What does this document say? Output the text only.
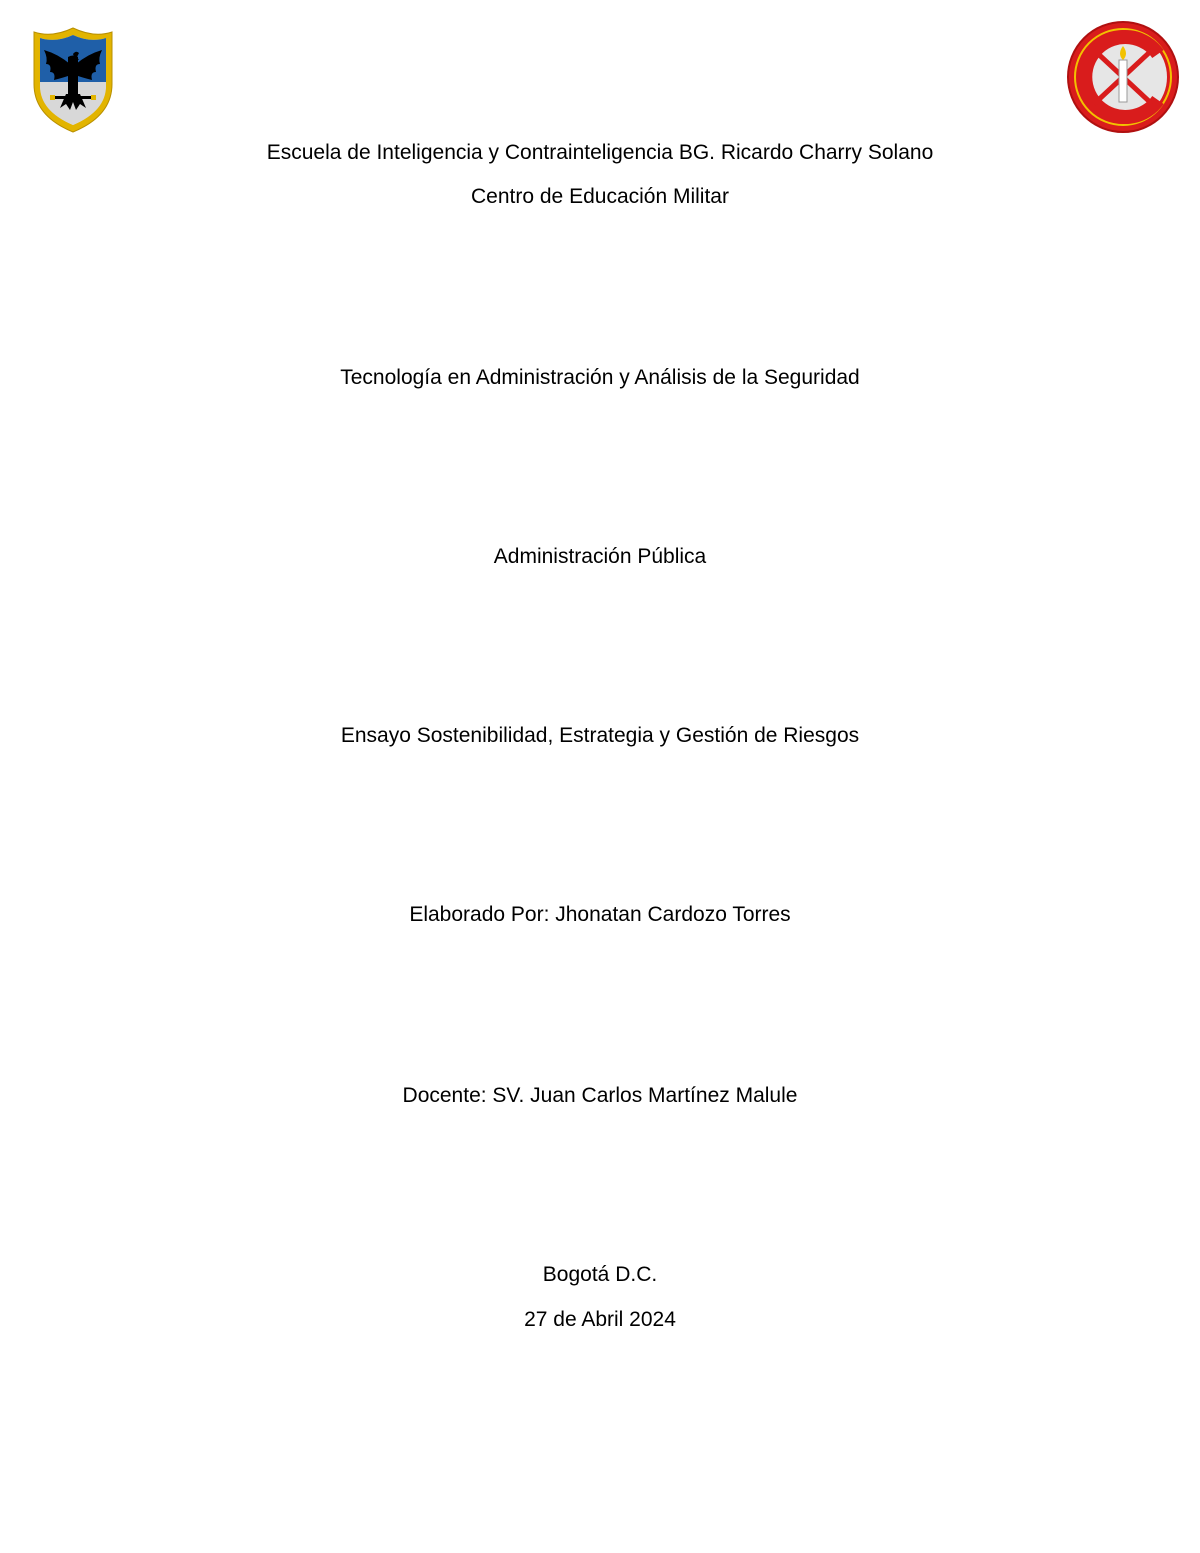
Escuela de Inteligencia y Contrainteligencia BG. Ricardo Charry Solano
Centro de Educación Militar
Tecnología en Administración y Análisis de la Seguridad
Administración Pública
Ensayo Sostenibilidad, Estrategia y Gestión de Riesgos
Elaborado Por: Jhonatan Cardozo Torres
Docente: SV. Juan Carlos Martínez Malule
Bogotá D.C.
27 de Abril 2024
